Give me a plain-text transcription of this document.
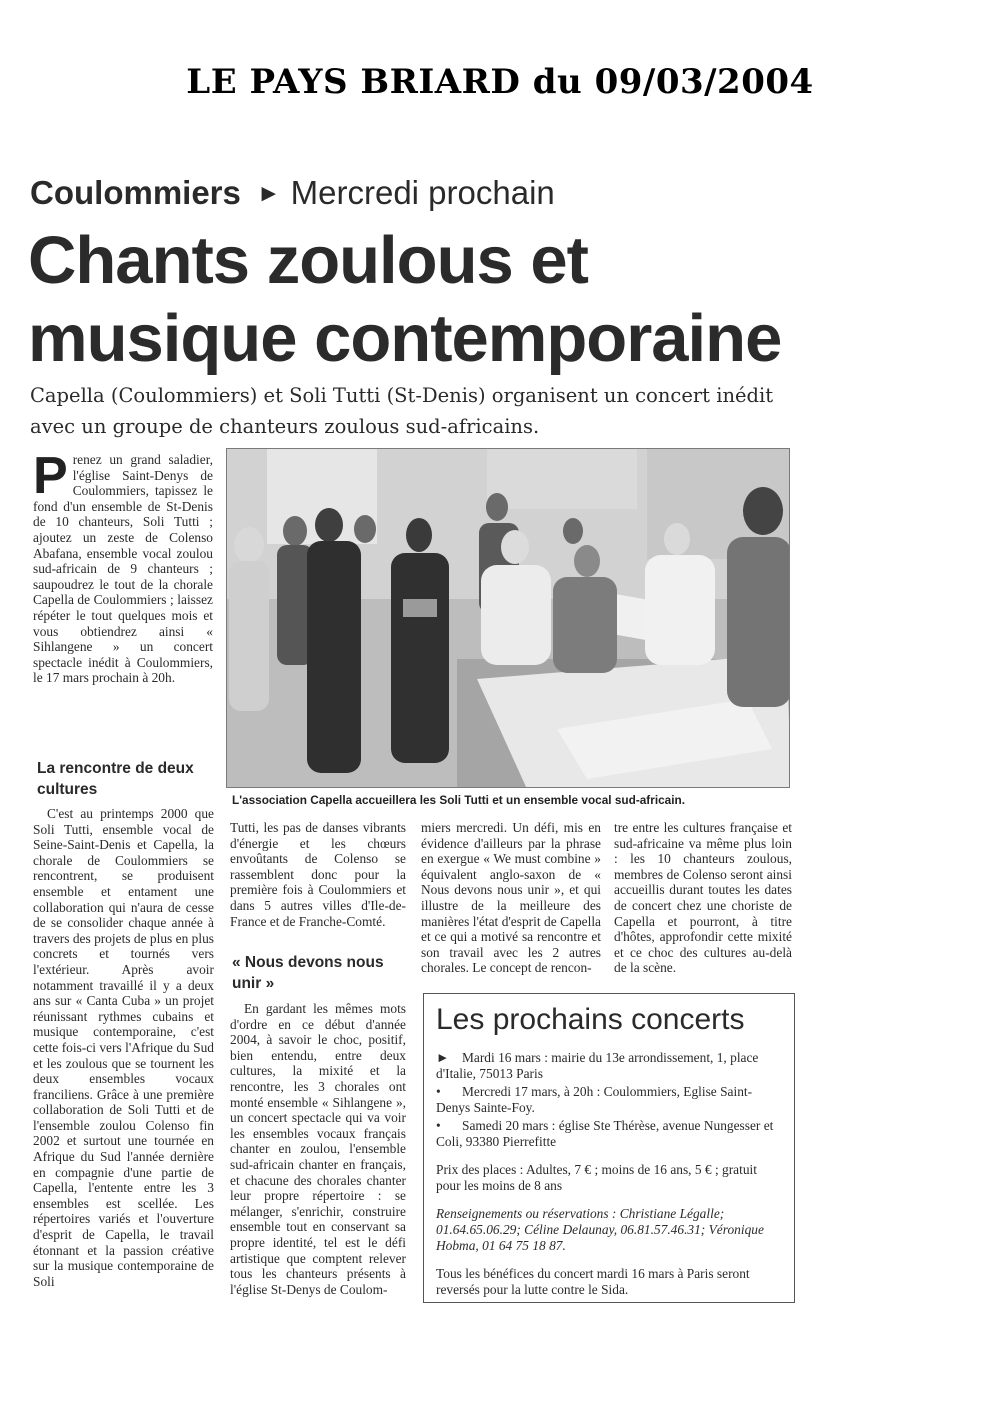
LE PAYS BRIARD du 09/03/2004
Coulommiers ► Mercredi prochain
Chants zoulous et musique contemporaine

Capella (Coulommiers) et Soli Tutti (St-Denis) organisent un concert inédit avec un groupe de chanteurs zoulous sud-africains.

Prenez un grand saladier, l'église Saint-Denys de Coulommiers, tapissez le fond d'un ensemble de St-Denis de 10 chanteurs, Soli Tutti ; ajoutez un zeste de Colenso Abafana, ensemble vocal zoulou sud-africain de 9 chanteurs ; saupoudrez le tout de la chorale Capella de Coulommiers ; laissez répéter le tout quelques mois et vous obtiendrez ainsi « Sihlangene » un concert spectacle inédit à Coulommiers, le 17 mars prochain à 20h.
La rencontre de deux cultures

C'est au printemps 2000 que Soli Tutti, ensemble vocal de Seine-Saint-Denis et Capella, la chorale de Coulommiers se rencontrent, se produisent ensemble et entament une collaboration qui n'aura de cesse de se consolider chaque année à travers des projets de plus en plus concrets et tournés vers l'extérieur. Après avoir notamment travaillé il y a deux ans sur « Canta Cuba » un projet réunissant rythmes cubains et musique contemporaine, c'est cette fois-ci vers l'Afrique du Sud et les zoulous que se tournent les deux ensembles vocaux franciliens. Grâce à une première collaboration de Soli Tutti et de l'ensemble zoulou Colenso fin 2002 et surtout une tournée en Afrique du Sud l'année dernière en compagnie d'une partie de Capella, l'entente entre les 3 ensembles est scellée. Les répertoires variés et l'ouverture d'esprit de Capella, le travail étonnant et la passion créative sur la musique contemporaine de Soli

L'association Capella accueillera les Soli Tutti et un ensemble vocal sud-africain.

Tutti, les pas de danses vibrants d'énergie et les chœurs envoûtants de Colenso se rassemblent donc pour la première fois à Coulommiers et dans 5 autres villes d'Ile-de-France et de Franche-Comté.

« Nous devons nous unir »

En gardant les mêmes mots d'ordre en ce début d'année 2004, à savoir le choc, positif, bien entendu, entre deux cultures, la mixité et la rencontre, les 3 chorales ont monté ensemble « Sihlangene », un concert spectacle qui va voir les ensembles vocaux français chanter en zoulou, l'ensemble sud-africain chanter en français, et chacune des chorales chanter leur propre répertoire : se mélanger, s'enrichir, construire ensemble tout en conservant sa propre identité, tel est le défi artistique que comptent relever tous les chanteurs présents à l'église St-Denys de Coulom-

miers mercredi. Un défi, mis en évidence d'ailleurs par la phrase en exergue « We must combine » équivalent anglo-saxon de « Nous devons nous unir », et qui illustre de la meilleure des manières l'état d'esprit de Capella et ce qui a motivé sa rencontre et son travail avec les 2 autres chorales. Le concept de rencon-

tre entre les cultures française et sud-africaine va même plus loin : les 10 chanteurs zoulous, membres de Colenso seront ainsi accueillis durant toutes les dates de concert chez une choriste de Capella et pourront, à titre d'hôtes, approfondir cette mixité et ce choc des cultures au-delà de la scène.

Les prochains concerts

► Mardi 16 mars : mairie du 13e arrondissement, 1, place d'Italie, 75013 Paris

• Mercredi 17 mars, à 20h : Coulommiers, Eglise Saint-Denys Sainte-Foy.

• Samedi 20 mars : église Ste Thérèse, avenue Nungesser et Coli, 93380 Pierrefitte

Prix des places : Adultes, 7 € ; moins de 16 ans, 5 € ; gratuit pour les moins de 8 ans

Renseignements ou réservations : Christiane Légalle; 01.64.65.06.29; Céline Delaunay, 06.81.57.46.31; Véronique Hobma, 01 64 75 18 87.

Tous les bénéfices du concert mardi 16 mars à Paris seront reversés pour la lutte contre le Sida.
